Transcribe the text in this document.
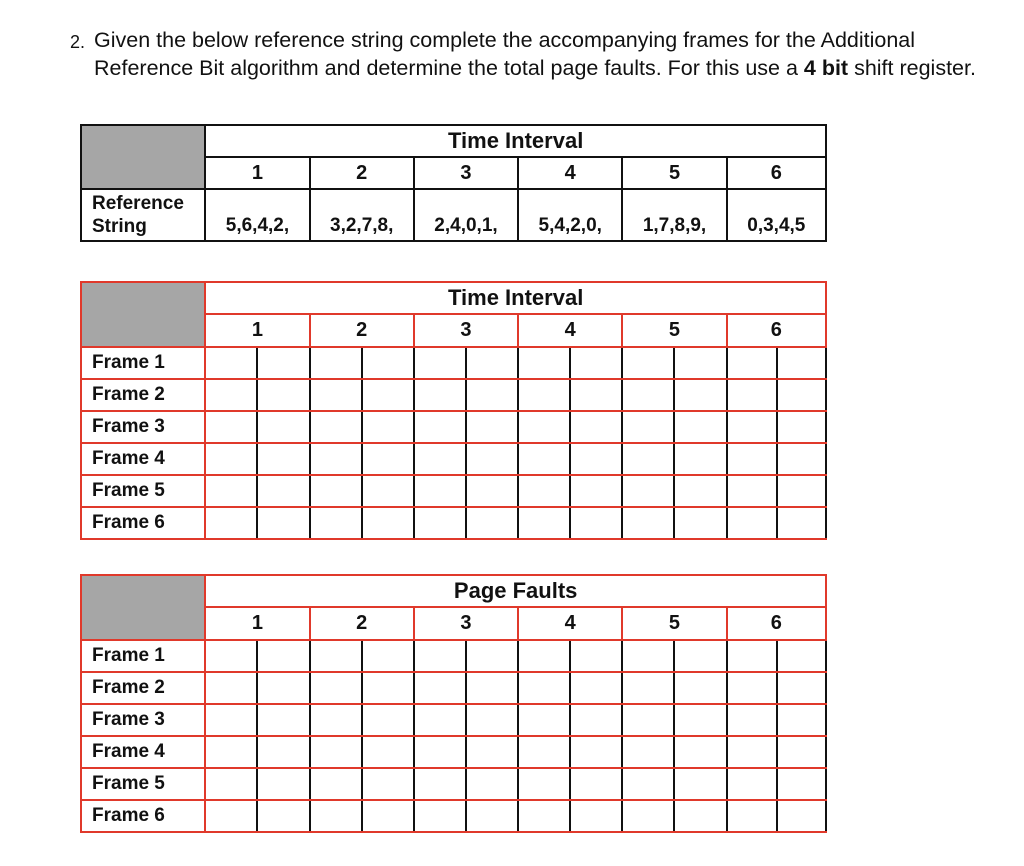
2. Given the below reference string complete the accompanying frames for the Additional Reference Bit algorithm and determine the total page faults. For this use a 4 bit shift register.
	Time Interval					
	1	2	3	4	5	6
Reference String	5,6,4,2,	3,2,7,8,	2,4,0,1,	5,4,2,0,	1,7,8,9,	0,3,4,5
	Time Interval											
	1		2		3		4		5		6	
Frame 1												
Frame 2												
Frame 3												
Frame 4												
Frame 5												
Frame 6												
	Page Faults											
	1		2		3		4		5		6	
Frame 1												
Frame 2												
Frame 3												
Frame 4												
Frame 5												
Frame 6												
